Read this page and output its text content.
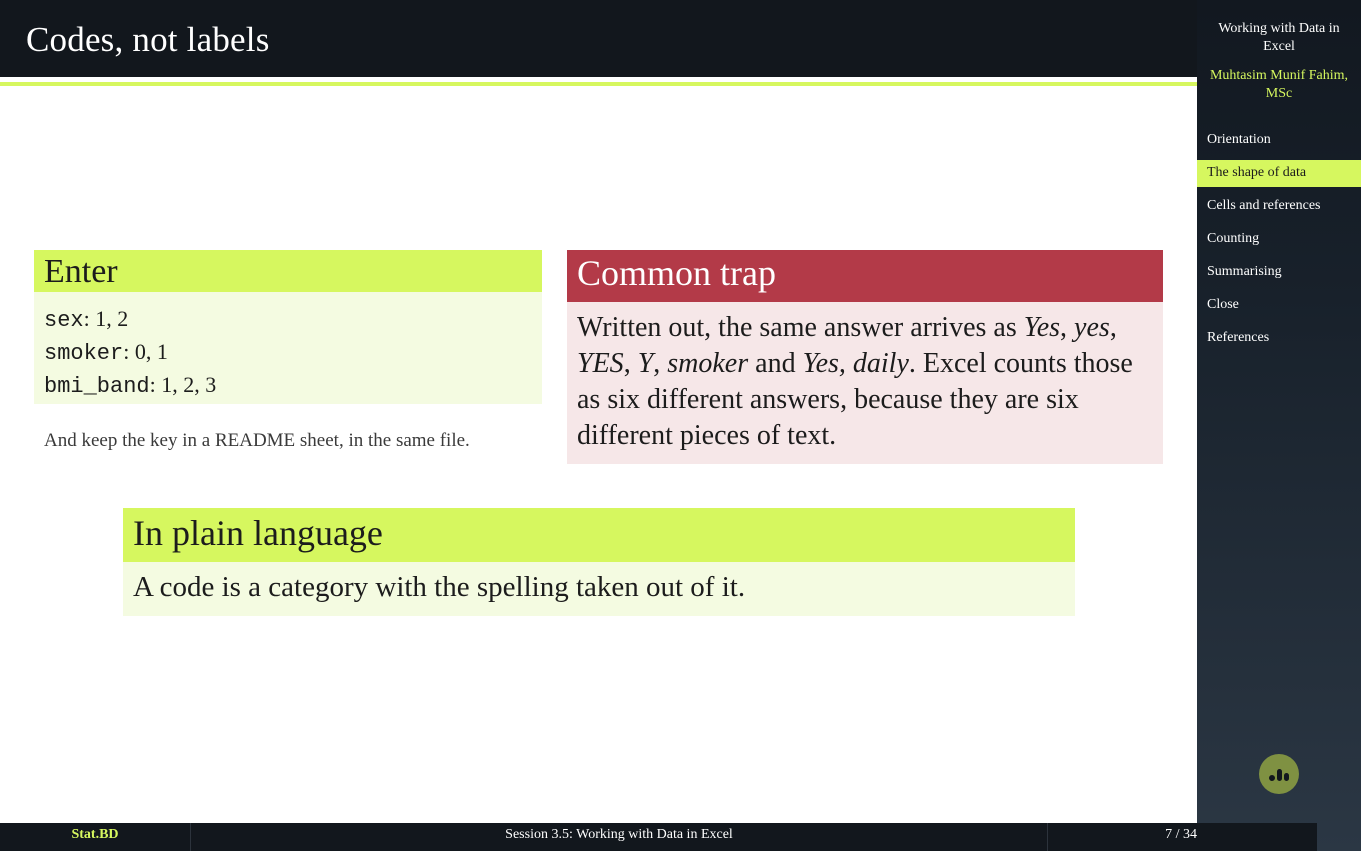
Codes, not labels
Enter
sex: 1, 2
smoker: 0, 1
bmi_band: 1, 2, 3
And keep the key in a README sheet, in the same file.
Common trap
Written out, the same answer arrives as Yes, yes, YES, Y, smoker and Yes, daily. Excel counts those as six different answers, because they are six different pieces of text.
In plain language
A code is a category with the spelling taken out of it.
Working with Data in Excel
Muhtasim Munif Fahim, MSc
Orientation
The shape of data
Cells and references
Counting
Summarising
Close
References
Stat.BD	Session 3.5: Working with Data in Excel	7 / 34
